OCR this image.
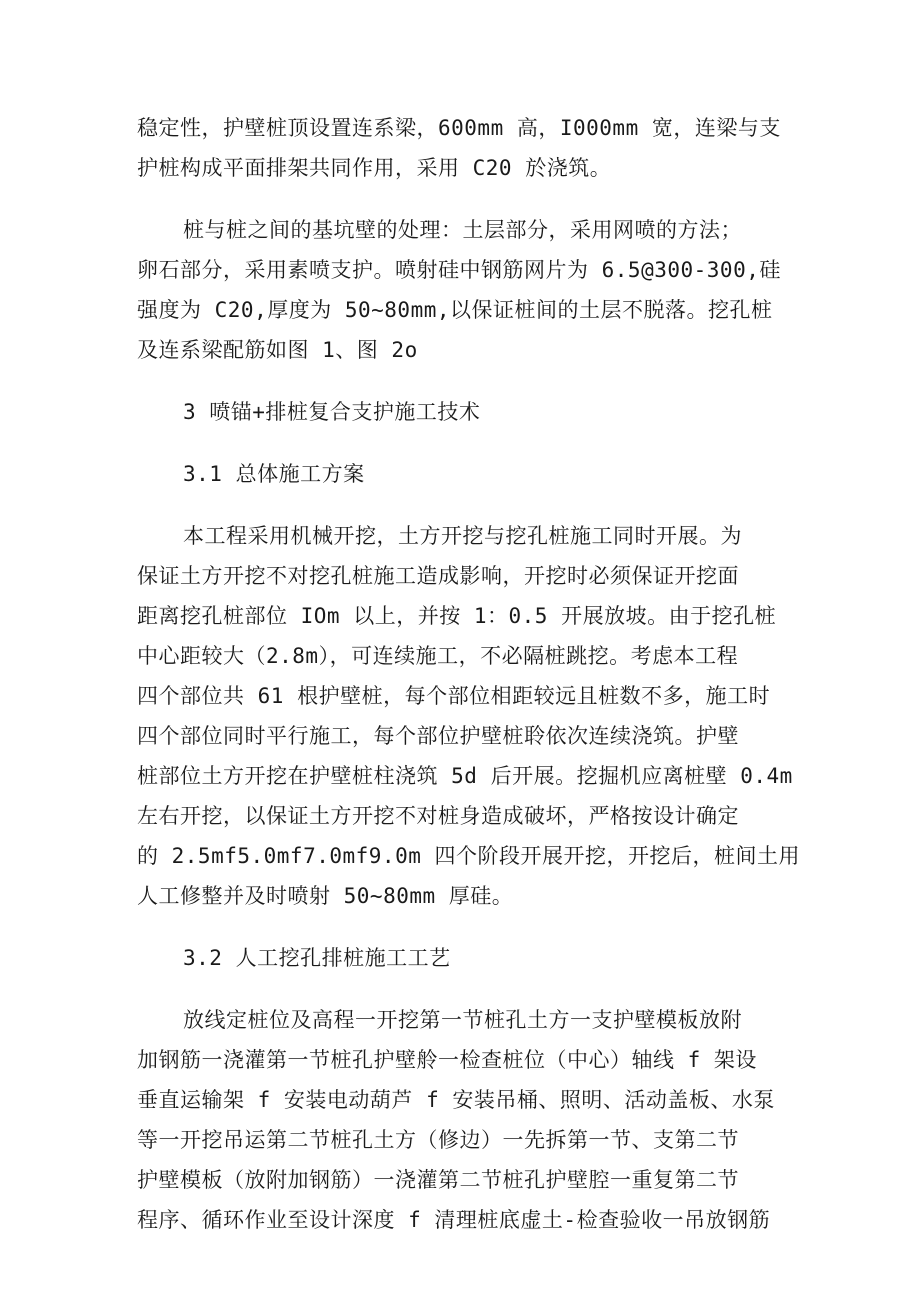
稳定性，护壁桩顶设置连系梁，600mm 高，I000mm 宽，连梁与支
护桩构成平面排架共同作用，采用 C20 於浇筑。
桩与桩之间的基坑壁的处理：土层部分，采用网喷的方法；
卵石部分，采用素喷支护。喷射硅中钢筋网片为 6.5@300-300,硅
强度为 C20,厚度为 50~80mm,以保证桩间的土层不脱落。挖孔桩
及连系梁配筋如图 1、图 2o
3 喷锚+排桩复合支护施工技术
3.1 总体施工方案
本工程采用机械开挖，土方开挖与挖孔桩施工同时开展。为
保证土方开挖不对挖孔桩施工造成影响，开挖时必须保证开挖面
距离挖孔桩部位 IOm 以上，并按 1：0.5 开展放坡。由于挖孔桩
中心距较大（2.8m），可连续施工，不必隔桩跳挖。考虑本工程
四个部位共 61 根护壁桩，每个部位相距较远且桩数不多，施工时
四个部位同时平行施工，每个部位护壁桩聆依次连续浇筑。护壁
桩部位土方开挖在护壁桩柱浇筑 5d 后开展。挖掘机应离桩壁 0.4m
左右开挖，以保证土方开挖不对桩身造成破坏，严格按设计确定
的 2.5mf5.0mf7.0mf9.0m 四个阶段开展开挖，开挖后，桩间土用
人工修整并及时喷射 50~80mm 厚硅。
3.2 人工挖孔排桩施工工艺
放线定桩位及高程一开挖第一节桩孔土方一支护壁模板放附
加钢筋一浇灌第一节桩孔护壁舲一检查桩位（中心）轴线 f 架设
垂直运输架 f 安装电动葫芦 f 安装吊桶、照明、活动盖板、水泵
等一开挖吊运第二节桩孔土方（修边）一先拆第一节、支第二节
护壁模板（放附加钢筋）一浇灌第二节桩孔护壁腔一重复第二节
程序、循环作业至设计深度 f 清理桩底虚土-检查验收一吊放钢筋
